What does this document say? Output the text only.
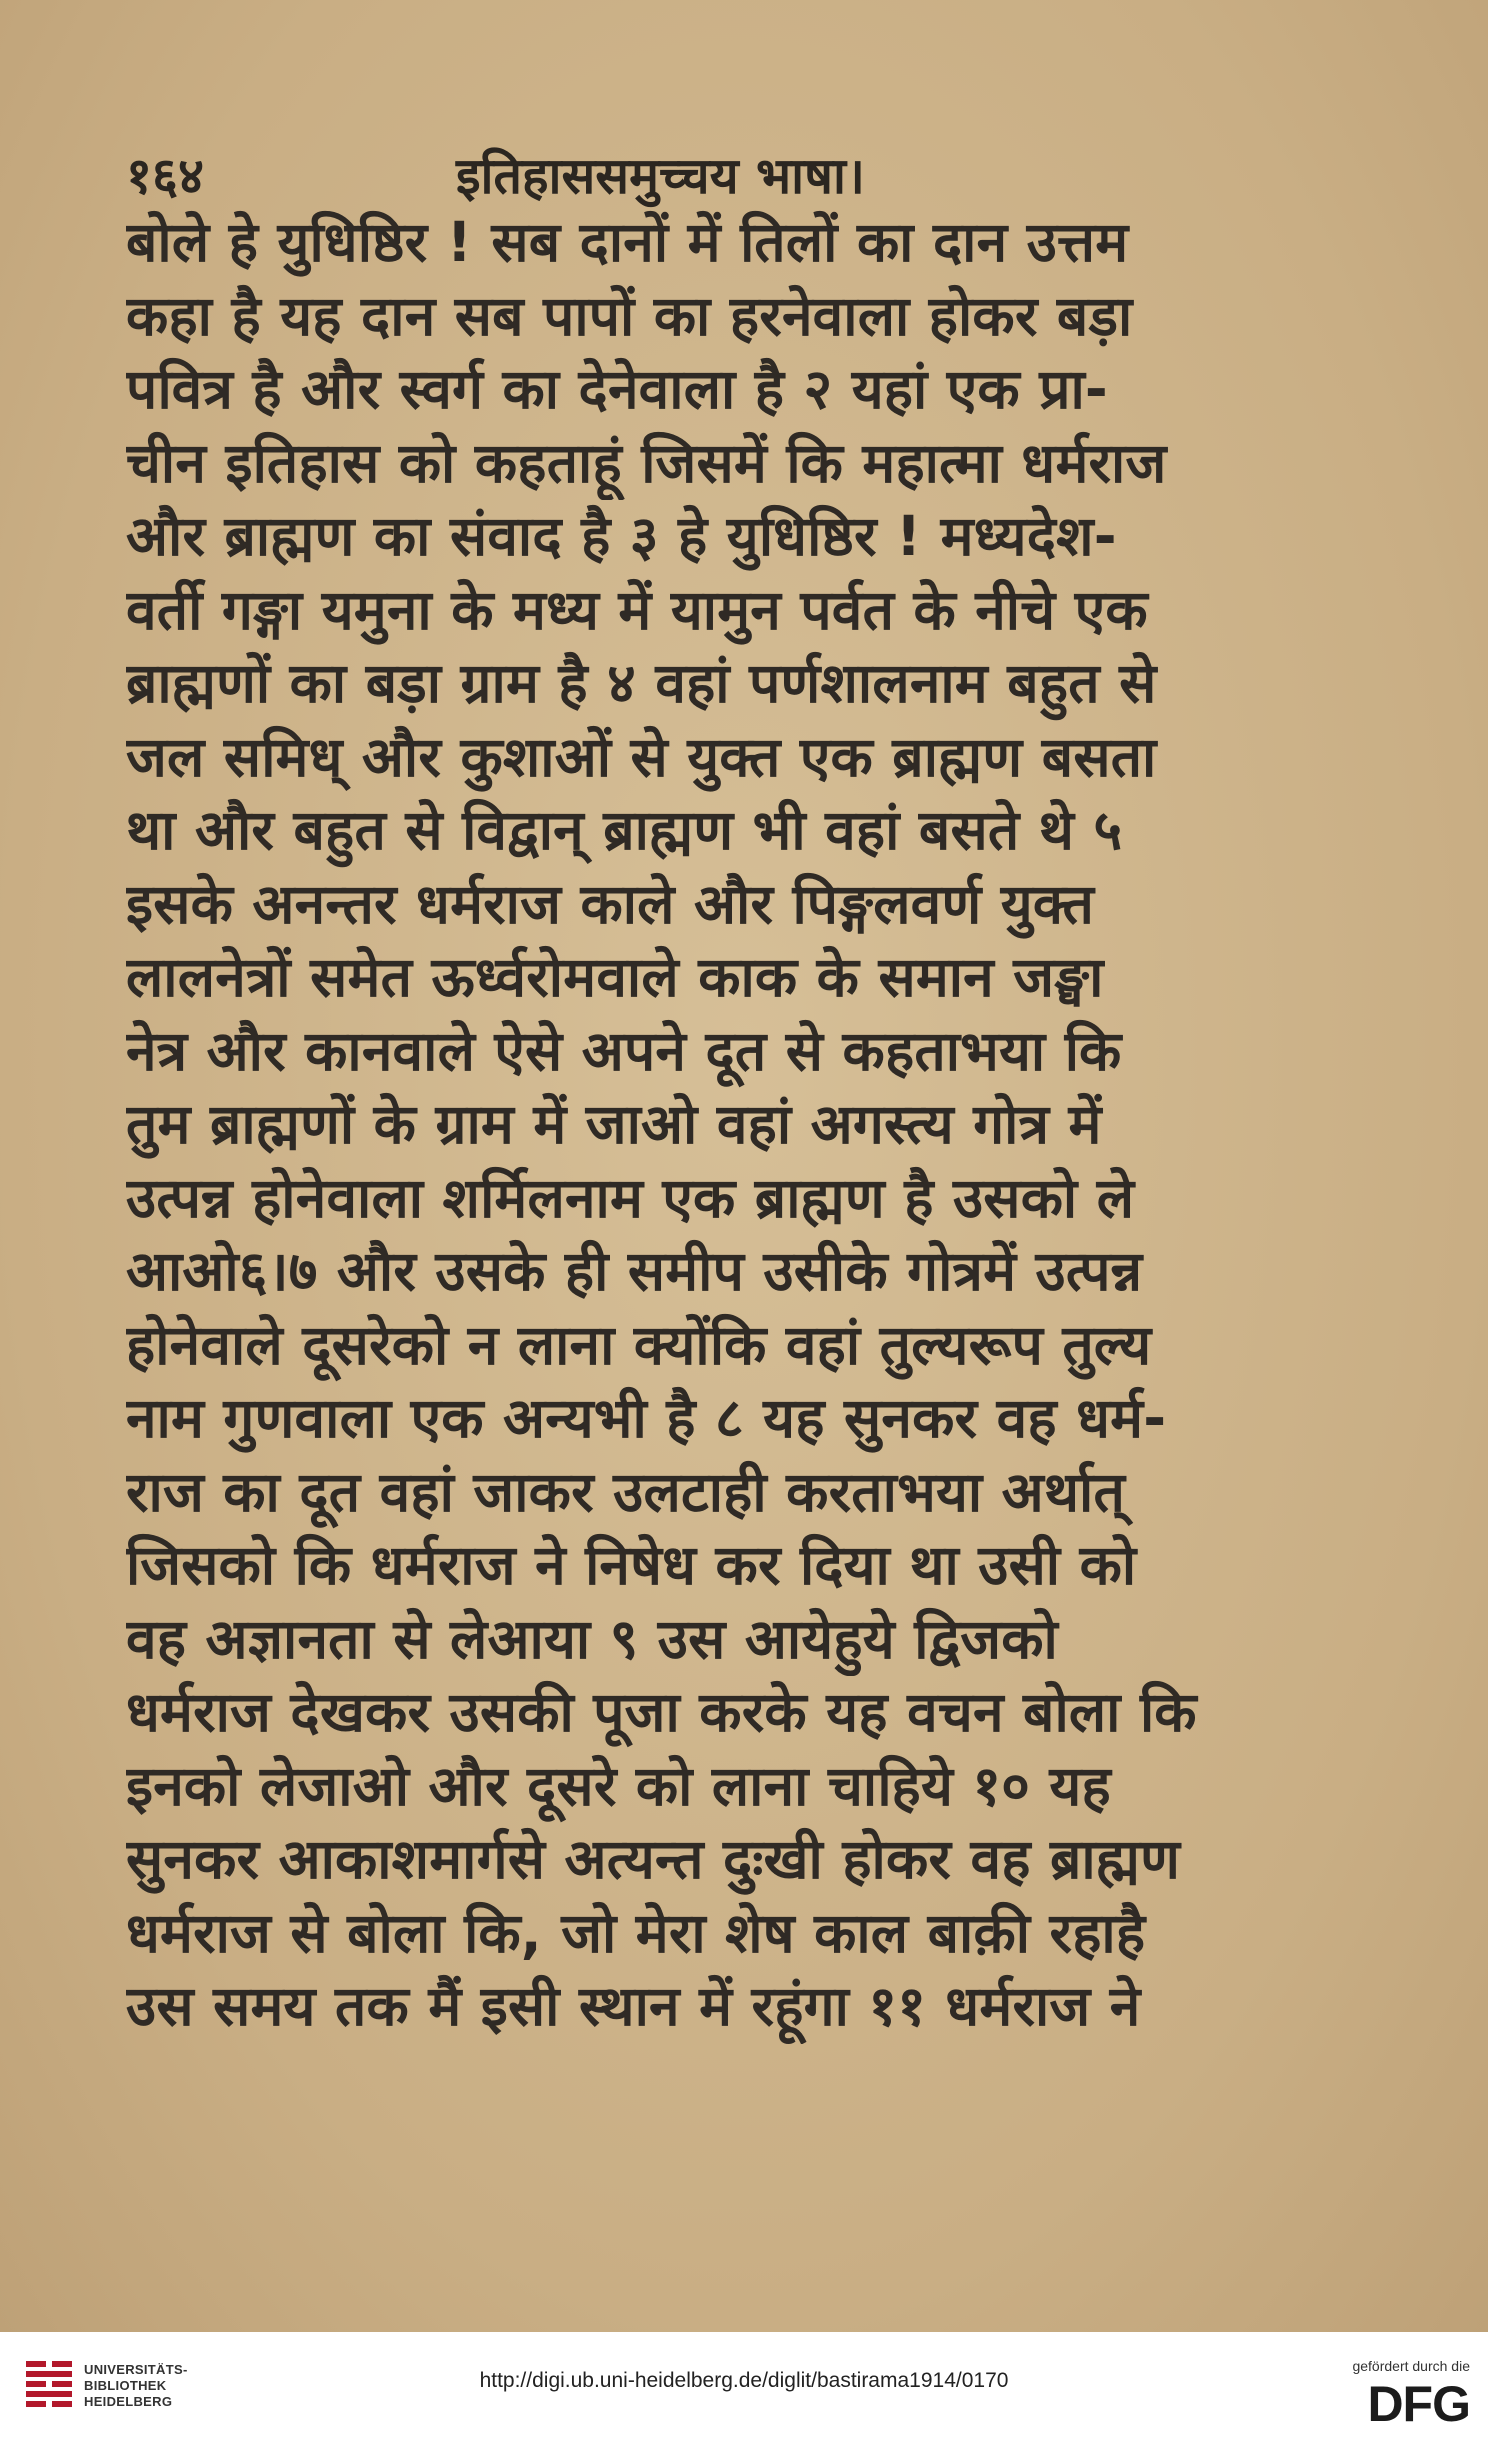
१६४	इतिहाससमुच्चय भाषा।
बोले हे युधिष्ठिर ! सब दानों में तिलों का दान उत्तम
कहा है यह दान सब पापों का हरनेवाला होकर बड़ा
पवित्र है और स्वर्ग का देनेवाला है २ यहां एक प्रा-
चीन इतिहास को कहताहूं जिसमें कि महात्मा धर्मराज
और ब्राह्मण का संवाद है ३ हे युधिष्ठिर ! मध्यदेश-
वर्ती गङ्गा यमुना के मध्य में यामुन पर्वत के नीचे एक
ब्राह्मणों का बड़ा ग्राम है ४ वहां पर्णशालनाम बहुत से
जल समिध् और कुशाओं से युक्त एक ब्राह्मण बसता
था और बहुत से विद्वान् ब्राह्मण भी वहां बसते थे ५
इसके अनन्तर धर्मराज काले और पिङ्गलवर्ण युक्त
लालनेत्रों समेत ऊर्ध्वरोमवाले काक के समान जङ्घा
नेत्र और कानवाले ऐसे अपने दूत से कहताभया कि
तुम ब्राह्मणों के ग्राम में जाओ वहां अगस्त्य गोत्र में
उत्पन्न होनेवाला शर्मिलनाम एक ब्राह्मण है उसको ले
आओ६।७ और उसके ही समीप उसीके गोत्रमें उत्पन्न
होनेवाले दूसरेको न लाना क्योंकि वहां तुल्यरूप तुल्य
नाम गुणवाला एक अन्यभी है ८ यह सुनकर वह धर्म-
राज का दूत वहां जाकर उलटाही करताभया अर्थात्
जिसको कि धर्मराज ने निषेध कर दिया था उसी को
वह अज्ञानता से लेआया ९ उस आयेहुये द्विजको
धर्मराज देखकर उसकी पूजा करके यह वचन बोला कि
इनको लेजाओ और दूसरे को लाना चाहिये १० यह
सुनकर आकाशमार्गसे अत्यन्त दुःखी होकर वह ब्राह्मण
धर्मराज से बोला कि, जो मेरा शेष काल बाक़ी रहाहै
उस समय तक मैं इसी स्थान में रहूंगा ११ धर्मराज ने
UNIVERSITÄTS-
BIBLIOTHEK
HEIDELBERG
http://digi.ub.uni-heidelberg.de/diglit/bastirama1914/0170
gefördert durch die
DFG
